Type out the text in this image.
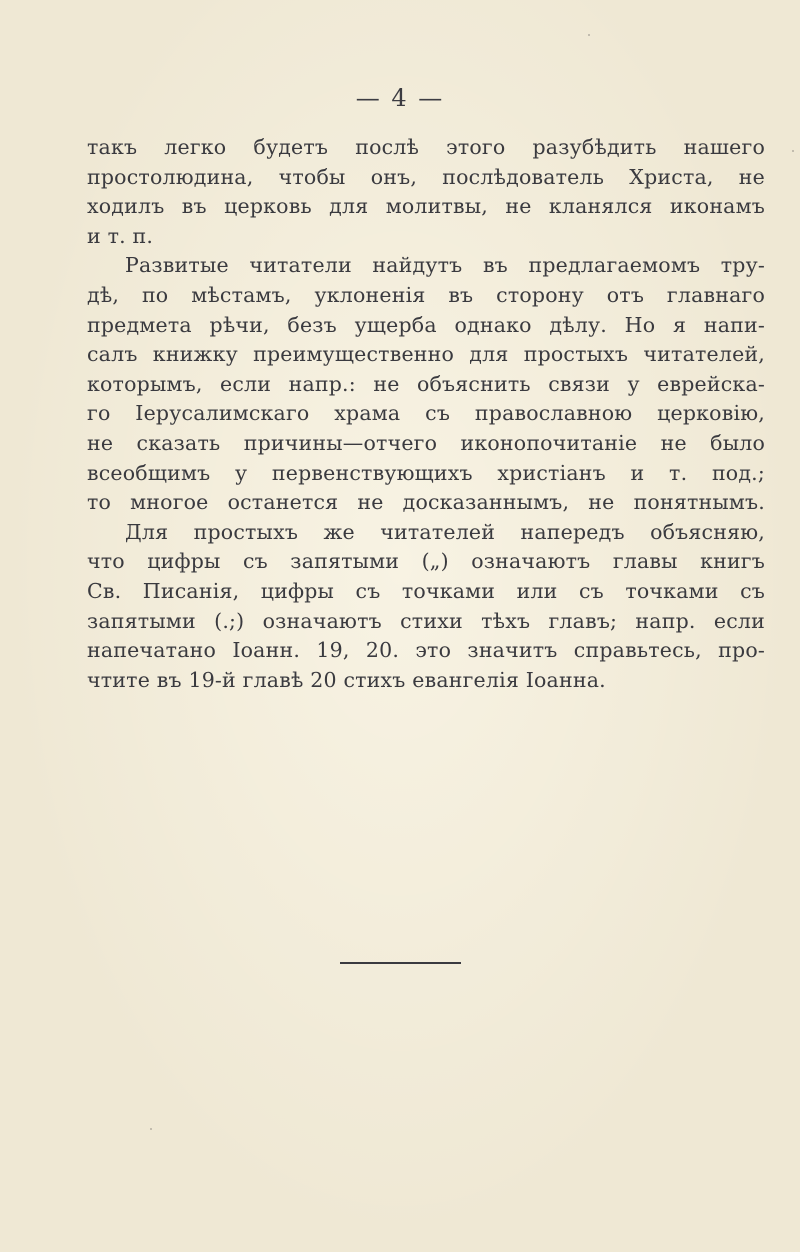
— 4 —
такъ легко будетъ послѣ этого разубѣдить нашего
простолюдина, чтобы онъ, послѣдователь Христа, не
ходилъ въ церковь для молитвы, не кланялся иконамъ
и т. п.
Развитые читатели найдутъ въ предлагаемомъ тру-
дѣ, по мѣстамъ, уклоненія въ сторону отъ главнаго
предмета рѣчи, безъ ущерба однако дѣлу. Но я напи-
салъ книжку преимущественно для простыхъ читателей,
которымъ, если напр.: не объяснить связи у еврейска-
го Іерусалимскаго храма съ православною церковію,
не сказать причины—отчего иконопочитаніе не было
всеобщимъ у первенствующихъ христіанъ и т. под.;
то многое останется не досказаннымъ, не понятнымъ.
Для простыхъ же читателей напередъ объясняю,
что цифры съ запятыми („) означаютъ главы книгъ
Св. Писанія, цифры съ точками или съ точками съ
запятыми (.;) означаютъ стихи тѣхъ главъ; напр. если
напечатано Іоанн. 19, 20. это значитъ справьтесь, про-
чтите въ 19-й главѣ 20 стихъ евангелія Іоанна.
